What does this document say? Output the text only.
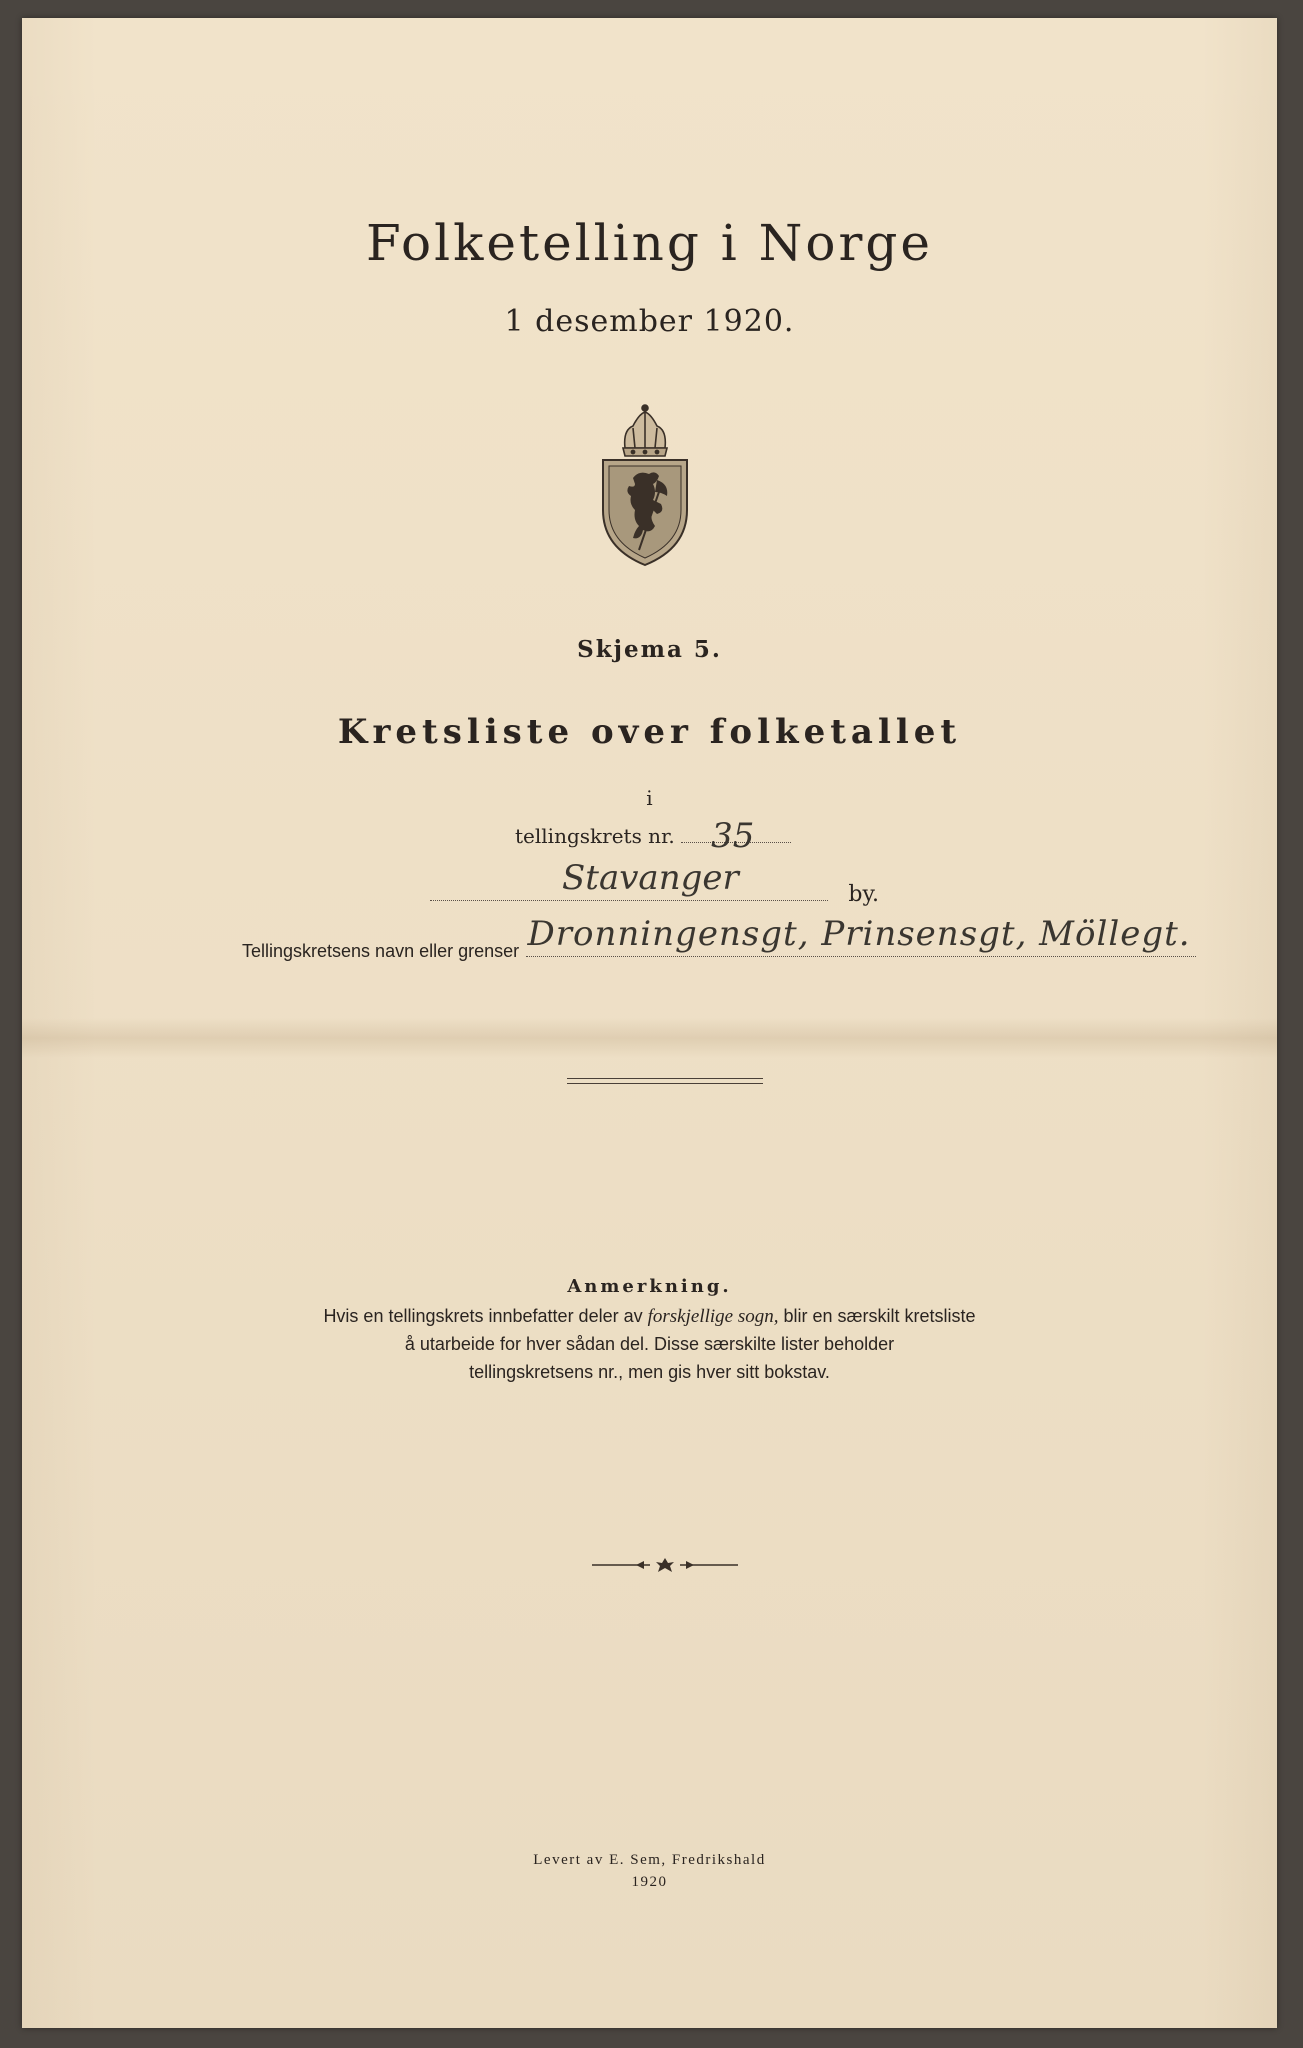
Folketelling i Norge
1 desember 1920.
Skjema 5.
Kretsliste over folketallet
i
tellingskrets nr. 35
Stavanger	by.
Tellingskretsens navn eller grenser Dronningensgt, Prinsensgt, Möllegt.
Anmerkning.
Hvis en tellingskrets innbefatter deler av forskjellige sogn, blir en særskilt kretsliste
å utarbeide for hver sådan del. Disse særskilte lister beholder
tellingskretsens nr., men gis hver sitt bokstav.
Levert av E. Sem, Fredrikshald
1920
